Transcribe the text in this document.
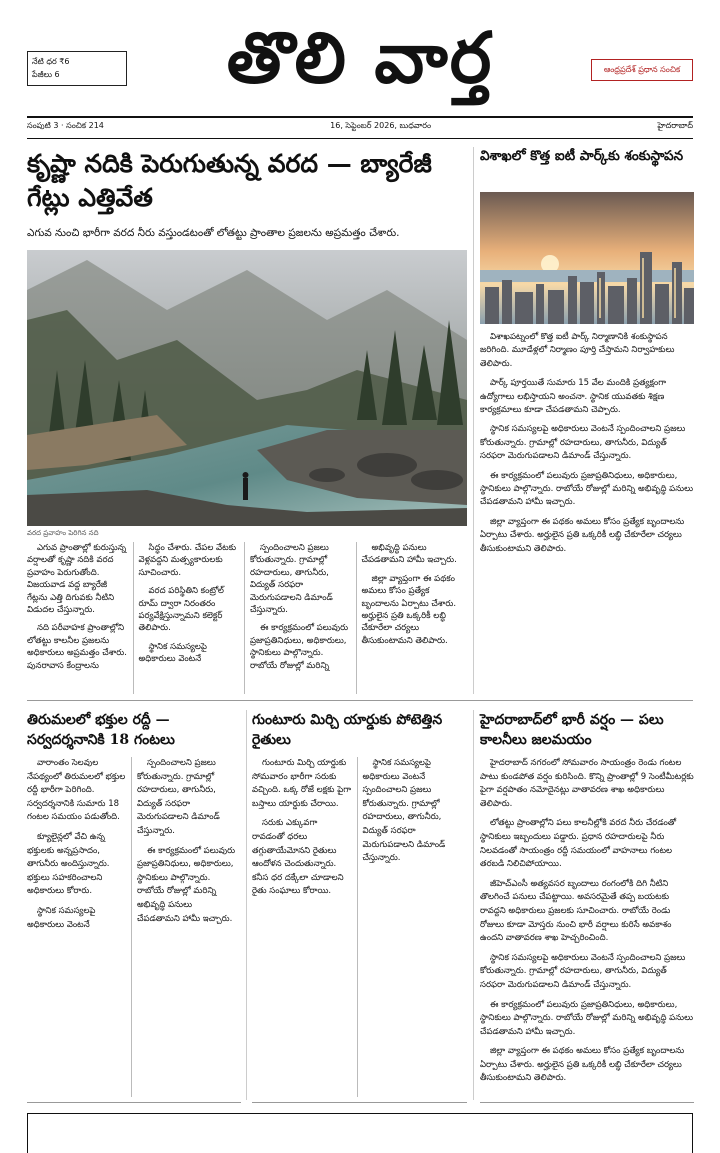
నేటి ధర ₹6
పేజీలు 6	తొలి వార్త	ఆంధ్రప్రదేశ్ ప్రధాన సంచిక
సంపుటి 3 · సంచిక 214	16, సెప్టెంబర్ 2026, బుధవారం	హైదరాబాద్
కృష్ణా నదికి పెరుగుతున్న వరద — బ్యారేజీ గేట్లు ఎత్తివేత
ఎగువ నుంచి భారీగా వరద నీరు వస్తుండటంతో లోతట్టు ప్రాంతాల ప్రజలను అప్రమత్తం చేశారు.
వరద ప్రవాహం పెరిగిన నది

ఎగువ ప్రాంతాల్లో కురుస్తున్న వర్షాలతో కృష్ణా నదికి వరద ప్రవాహం పెరుగుతోంది. విజయవాడ వద్ద బ్యారేజీ గేట్లను ఎత్తి దిగువకు నీటిని విడుదల చేస్తున్నారు.

నది పరీవాహక ప్రాంతాల్లోని లోతట్టు కాలనీల ప్రజలను అధికారులు అప్రమత్తం చేశారు. పునరావాస కేంద్రాలను

సిద్ధం చేశారు. చేపల వేటకు వెళ్లవద్దని మత్స్యకారులకు సూచించారు.

వరద పరిస్థితిని కంట్రోల్ రూమ్ ద్వారా నిరంతరం పర్యవేక్షిస్తున్నామని కలెక్టర్ తెలిపారు.

స్థానిక సమస్యలపై అధికారులు వెంటనే

స్పందించాలని ప్రజలు కోరుతున్నారు. గ్రామాల్లో రహదారులు, తాగునీరు, విద్యుత్ సరఫరా మెరుగుపడాలని డిమాండ్ చేస్తున్నారు.

ఈ కార్యక్రమంలో పలువురు ప్రజాప్రతినిధులు, అధికారులు, స్థానికులు పాల్గొన్నారు. రాబోయే రోజుల్లో మరిన్ని

అభివృద్ధి పనులు చేపడతామని హామీ ఇచ్చారు.

జిల్లా వ్యాప్తంగా ఈ పథకం అమలు కోసం ప్రత్యేక బృందాలను ఏర్పాటు చేశారు. అర్హులైన ప్రతి ఒక్కరికీ లబ్ధి చేకూరేలా చర్యలు తీసుకుంటామని తెలిపారు.

విశాఖలో కొత్త ఐటీ పార్క్‌కు శంకుస్థాపన

విశాఖపట్నంలో కొత్త ఐటీ పార్క్ నిర్మాణానికి శంకుస్థాపన జరిగింది. మూడేళ్లలో నిర్మాణం పూర్తి చేస్తామని నిర్వాహకులు తెలిపారు.

పార్క్ పూర్తయితే సుమారు 15 వేల మందికి ప్రత్యక్షంగా ఉద్యోగాలు లభిస్తాయని అంచనా. స్థానిక యువతకు శిక్షణ కార్యక్రమాలు కూడా చేపడతామని చెప్పారు.

స్థానిక సమస్యలపై అధికారులు వెంటనే స్పందించాలని ప్రజలు కోరుతున్నారు. గ్రామాల్లో రహదారులు, తాగునీరు, విద్యుత్ సరఫరా మెరుగుపడాలని డిమాండ్ చేస్తున్నారు.

ఈ కార్యక్రమంలో పలువురు ప్రజాప్రతినిధులు, అధికారులు, స్థానికులు పాల్గొన్నారు. రాబోయే రోజుల్లో మరిన్ని అభివృద్ధి పనులు చేపడతామని హామీ ఇచ్చారు.

జిల్లా వ్యాప్తంగా ఈ పథకం అమలు కోసం ప్రత్యేక బృందాలను ఏర్పాటు చేశారు. అర్హులైన ప్రతి ఒక్కరికీ లబ్ధి చేకూరేలా చర్యలు తీసుకుంటామని తెలిపారు.

తిరుమలలో భక్తుల రద్దీ — సర్వదర్శనానికి 18 గంటలు

వారాంతం సెలవుల నేపథ్యంలో తిరుమలలో భక్తుల రద్దీ భారీగా పెరిగింది. సర్వదర్శనానికి సుమారు 18 గంటల సమయం పడుతోంది.

క్యూలైన్లలో వేచి ఉన్న భక్తులకు అన్నప్రసాదం, తాగునీరు అందిస్తున్నారు. భక్తులు సహకరించాలని అధికారులు కోరారు.

స్థానిక సమస్యలపై అధికారులు వెంటనే

స్పందించాలని ప్రజలు కోరుతున్నారు. గ్రామాల్లో రహదారులు, తాగునీరు, విద్యుత్ సరఫరా మెరుగుపడాలని డిమాండ్ చేస్తున్నారు.

ఈ కార్యక్రమంలో పలువురు ప్రజాప్రతినిధులు, అధికారులు, స్థానికులు పాల్గొన్నారు. రాబోయే రోజుల్లో మరిన్ని అభివృద్ధి పనులు చేపడతామని హామీ ఇచ్చారు.

గుంటూరు మిర్చి యార్డుకు పోటెత్తిన రైతులు

గుంటూరు మిర్చి యార్డుకు సోమవారం భారీగా సరుకు వచ్చింది. ఒక్క రోజే లక్షకు పైగా బస్తాలు యార్డుకు చేరాయి.

సరుకు ఎక్కువగా రావడంతో ధరలు తగ్గుతాయేమోనని రైతులు ఆందోళన చెందుతున్నారు. కనీస ధర దక్కేలా చూడాలని రైతు సంఘాలు కోరాయి.

స్థానిక సమస్యలపై అధికారులు వెంటనే స్పందించాలని ప్రజలు కోరుతున్నారు. గ్రామాల్లో రహదారులు, తాగునీరు, విద్యుత్ సరఫరా మెరుగుపడాలని డిమాండ్ చేస్తున్నారు.

హైదరాబాద్‌లో భారీ వర్షం — పలు కాలనీలు జలమయం

హైదరాబాద్ నగరంలో సోమవారం సాయంత్రం రెండు గంటల పాటు కుండపోత వర్షం కురిసింది. కొన్ని ప్రాంతాల్లో 9 సెంటీమీటర్లకు పైగా వర్షపాతం నమోదైనట్లు వాతావరణ శాఖ అధికారులు తెలిపారు.

లోతట్టు ప్రాంతాల్లోని పలు కాలనీల్లోకి వరద నీరు చేరడంతో స్థానికులు ఇబ్బందులు పడ్డారు. ప్రధాన రహదారులపై నీరు నిలవడంతో సాయంత్రం రద్దీ సమయంలో వాహనాలు గంటల తరబడి నిలిచిపోయాయి.

జీహెచ్ఎంసీ అత్యవసర బృందాలు రంగంలోకి దిగి నీటిని తొలగించే పనులు చేపట్టాయి. అవసరమైతే తప్ప బయటకు రావద్దని అధికారులు ప్రజలకు సూచించారు. రాబోయే రెండు రోజులు కూడా మోస్తరు నుంచి భారీ వర్షాలు కురిసే అవకాశం ఉందని వాతావరణ శాఖ హెచ్చరించింది.

స్థానిక సమస్యలపై అధికారులు వెంటనే స్పందించాలని ప్రజలు కోరుతున్నారు. గ్రామాల్లో రహదారులు, తాగునీరు, విద్యుత్ సరఫరా మెరుగుపడాలని డిమాండ్ చేస్తున్నారు.

ఈ కార్యక్రమంలో పలువురు ప్రజాప్రతినిధులు, అధికారులు, స్థానికులు పాల్గొన్నారు. రాబోయే రోజుల్లో మరిన్ని అభివృద్ధి పనులు చేపడతామని హామీ ఇచ్చారు.

జిల్లా వ్యాప్తంగా ఈ పథకం అమలు కోసం ప్రత్యేక బృందాలను ఏర్పాటు చేశారు. అర్హులైన ప్రతి ఒక్కరికీ లబ్ధి చేకూరేలా చర్యలు తీసుకుంటామని తెలిపారు.
